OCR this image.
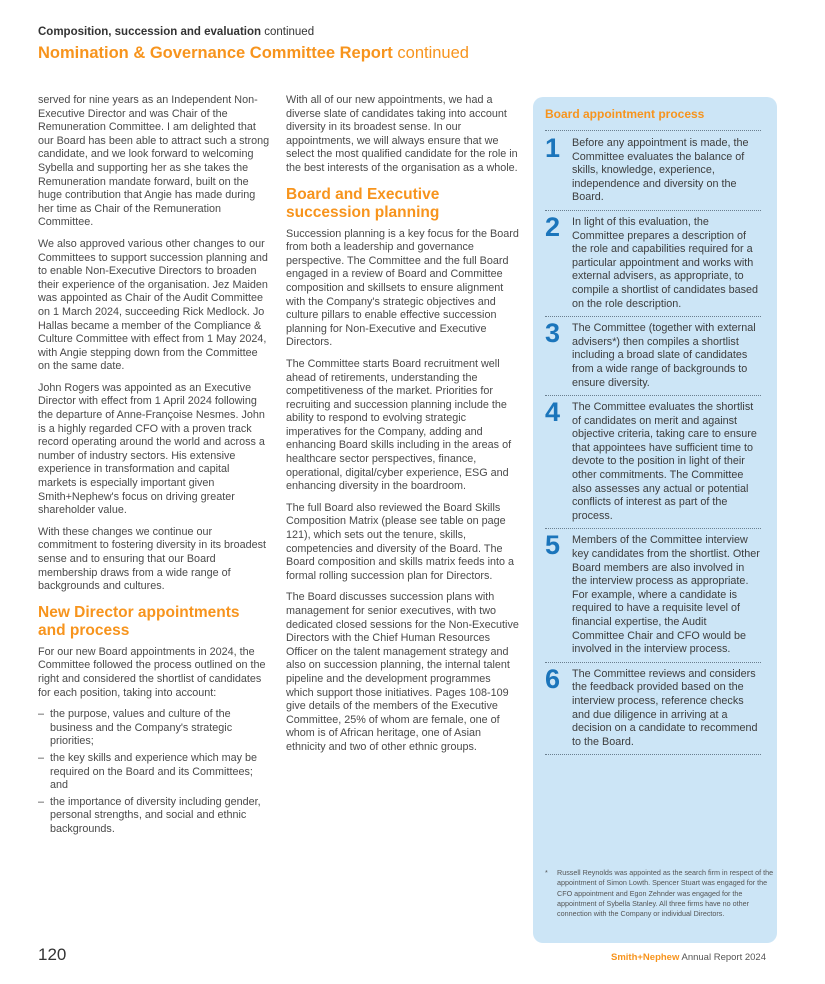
Composition, succession and evaluation continued
Nomination & Governance Committee Report continued

served for nine years as an Independent Non-Executive Director and was Chair of the Remuneration Committee. I am delighted that our Board has been able to attract such a strong candidate, and we look forward to welcoming Sybella and supporting her as she takes the Remuneration mandate forward, built on the huge contribution that Angie has made during her time as Chair of the Remuneration Committee.

We also approved various other changes to our Committees to support succession planning and to enable Non-Executive Directors to broaden their experience of the organisation. Jez Maiden was appointed as Chair of the Audit Committee on 1 March 2024, succeeding Rick Medlock. Jo Hallas became a member of the Compliance & Culture Committee with effect from 1 May 2024, with Angie stepping down from the Committee on the same date.

John Rogers was appointed as an Executive Director with effect from 1 April 2024 following the departure of Anne-Françoise Nesmes. John is a highly regarded CFO with a proven track record operating around the world and across a number of industry sectors. His extensive experience in transformation and capital markets is especially important given Smith+Nephew's focus on driving greater shareholder value.

With these changes we continue our commitment to fostering diversity in its broadest sense and to ensuring that our Board membership draws from a wide range of backgrounds and cultures.

New Director appointments and process

For our new Board appointments in 2024, the Committee followed the process outlined on the right and considered the shortlist of candidates for each position, taking into account:

– the purpose, values and culture of the business and the Company's strategic priorities;
– the key skills and experience which may be required on the Board and its Committees; and
– the importance of diversity including gender, personal strengths, and social and ethnic backgrounds.

With all of our new appointments, we had a diverse slate of candidates taking into account diversity in its broadest sense. In our appointments, we will always ensure that we select the most qualified candidate for the role in the best interests of the organisation as a whole.

Board and Executive succession planning

Succession planning is a key focus for the Board from both a leadership and governance perspective. The Committee and the full Board engaged in a review of Board and Committee composition and skillsets to ensure alignment with the Company's strategic objectives and culture pillars to enable effective succession planning for Non-Executive and Executive Directors.

The Committee starts Board recruitment well ahead of retirements, understanding the competitiveness of the market. Priorities for recruiting and succession planning include the ability to respond to evolving strategic imperatives for the Company, adding and enhancing Board skills including in the areas of healthcare sector perspectives, finance, operational, digital/cyber experience, ESG and enhancing diversity in the boardroom.

The full Board also reviewed the Board Skills Composition Matrix (please see table on page 121), which sets out the tenure, skills, competencies and diversity of the Board. The Board composition and skills matrix feeds into a formal rolling succession plan for Directors.

The Board discusses succession plans with management for senior executives, with two dedicated closed sessions for the Non-Executive Directors with the Chief Human Resources Officer on the talent management strategy and also on succession planning, the internal talent pipeline and the development programmes which support those initiatives. Pages 108-109 give details of the members of the Executive Committee, 25% of whom are female, one of whom is of African heritage, one of Asian ethnicity and two of other ethnic groups.

Board appointment process
1 Before any appointment is made, the Committee evaluates the balance of skills, knowledge, experience, independence and diversity on the Board.
2 In light of this evaluation, the Committee prepares a description of the role and capabilities required for a particular appointment and works with external advisers, as appropriate, to compile a shortlist of candidates based on the role description.
3 The Committee (together with external advisers*) then compiles a shortlist including a broad slate of candidates from a wide range of backgrounds to ensure diversity.
4 The Committee evaluates the shortlist of candidates on merit and against objective criteria, taking care to ensure that appointees have sufficient time to devote to the position in light of their other commitments. The Committee also assesses any actual or potential conflicts of interest as part of the process.
5 Members of the Committee interview key candidates from the shortlist. Other Board members are also involved in the interview process as appropriate. For example, where a candidate is required to have a requisite level of financial expertise, the Audit Committee Chair and CFO would be involved in the interview process.
6 The Committee reviews and considers the feedback provided based on the interview process, reference checks and due diligence in arriving at a decision on a candidate to recommend to the Board.
* Russell Reynolds was appointed as the search firm in respect of the appointment of Simon Lowth. Spencer Stuart was engaged for the CFO appointment and Egon Zehnder was engaged for the appointment of Sybella Stanley. All three firms have no other connection with the Company or individual Directors.
120	Smith+Nephew Annual Report 2024
